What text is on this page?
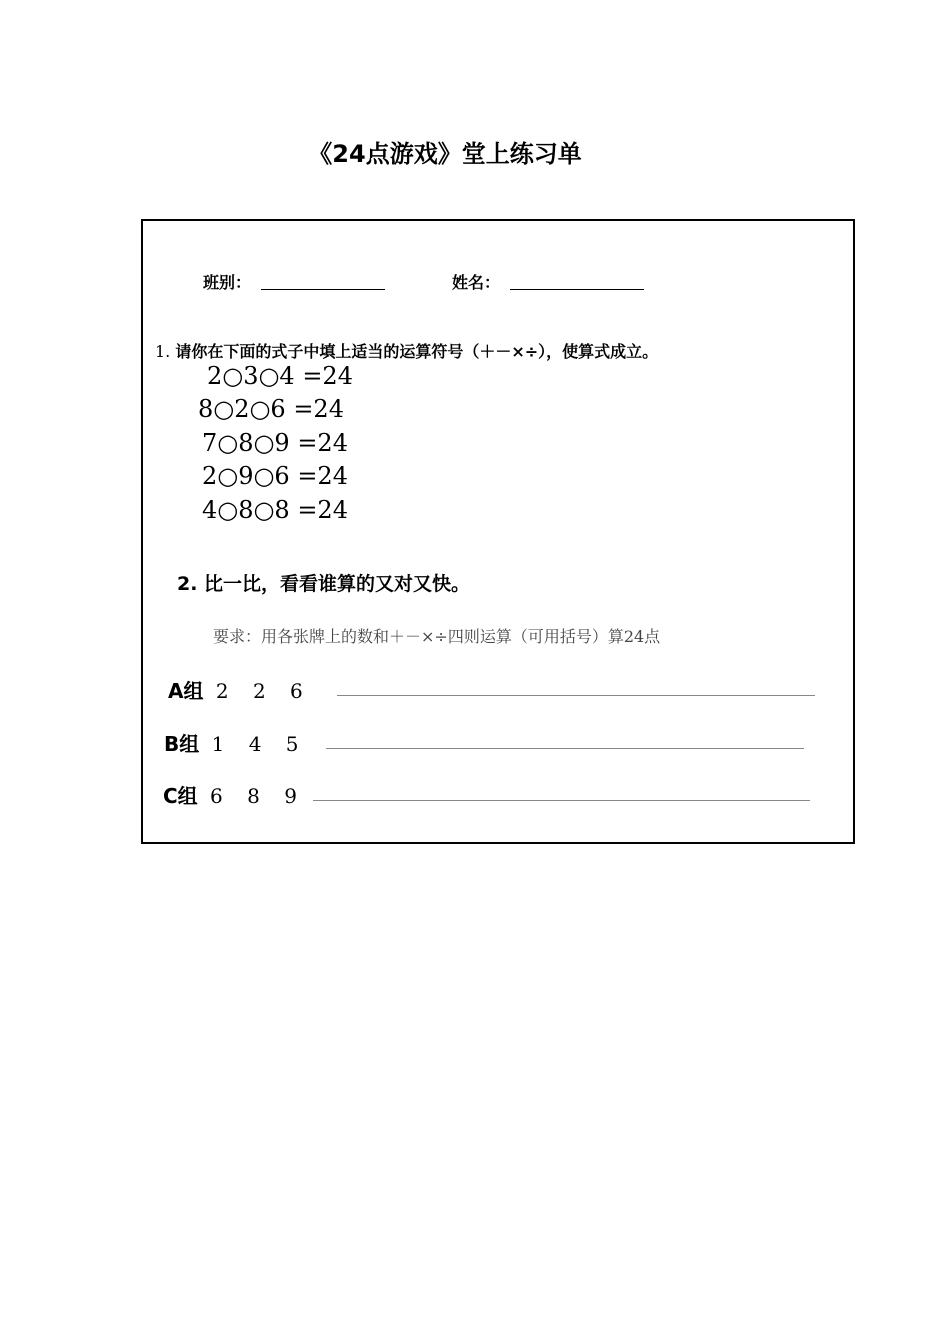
《24点游戏》堂上练习单
班别：	姓名：
1. 请你在下面的式子中填上适当的运算符号（＋－×÷），使算式成立。
2○3○4 =24
8○2○6 =24
7○8○9 =24
2○9○6 =24
4○8○8 =24
2. 比一比，看看谁算的又对又快。
要求：用各张牌上的数和＋－×÷四则运算（可用括号）算24点
A组 2 2 6
B组 1 4 5
C组 6 8 9
